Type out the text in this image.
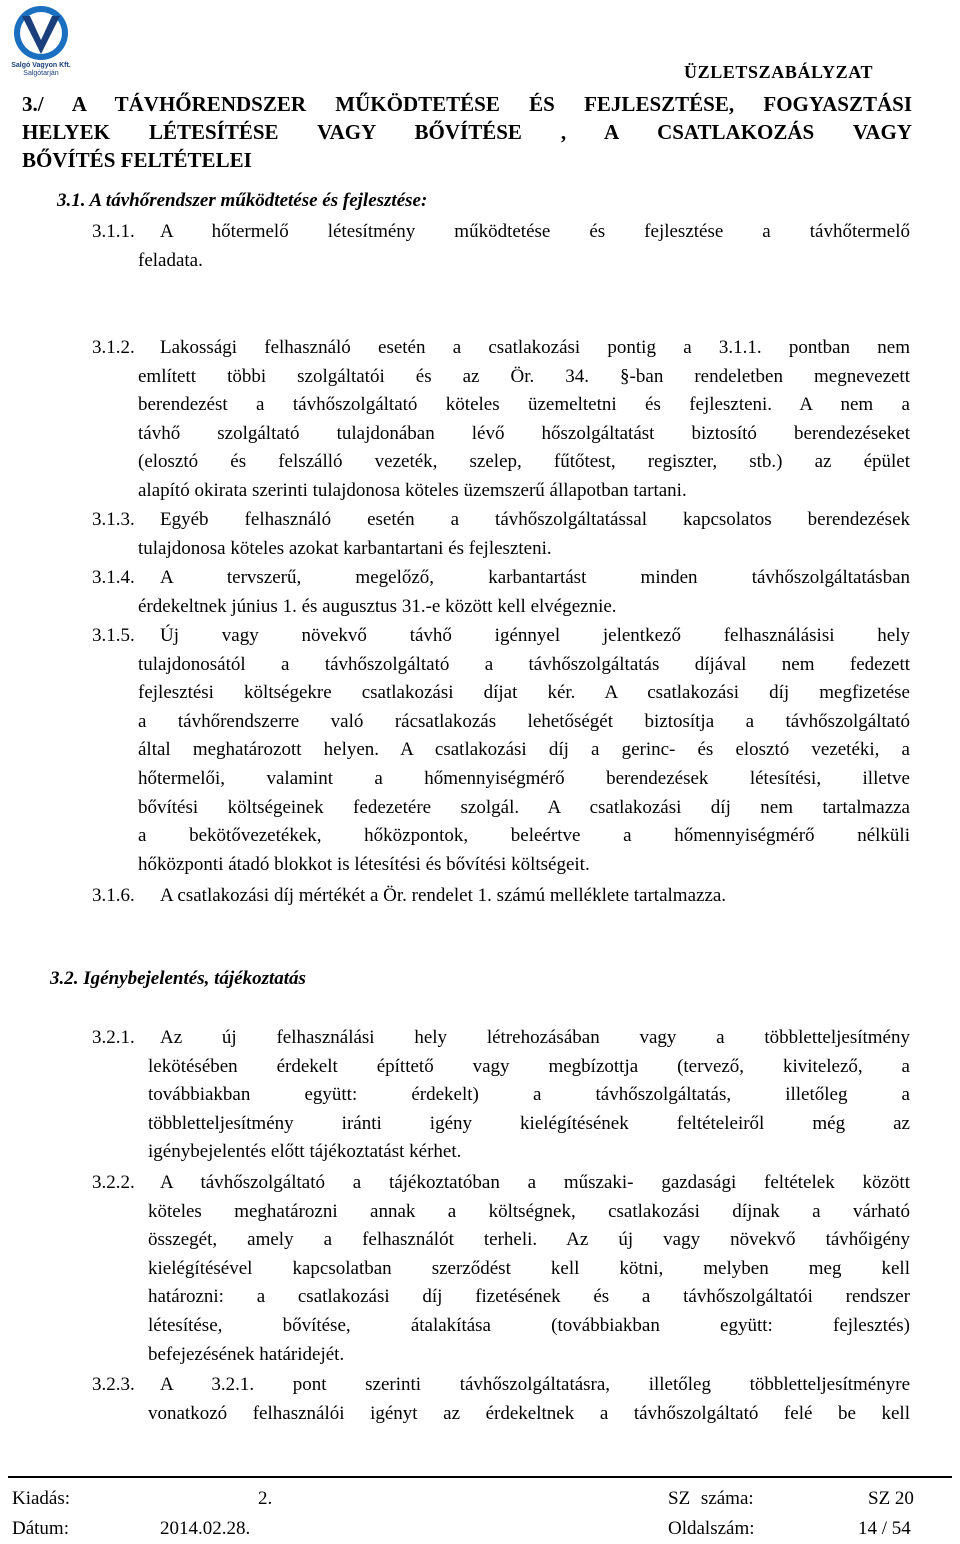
Salgó Vagyon Kft.
Salgótarján	ÜZLETSZABÁLYZAT
3./ A TÁVHŐRENDSZER MŰKÖDTETÉSE ÉS FEJLESZTÉSE, FOGYASZTÁSI
HELYEK LÉTESÍTÉSE VAGY BŐVÍTÉSE , A CSATLAKOZÁS VAGY
BŐVÍTÉS FELTÉTELEI
3.1. A távhőrendszer működtetése és fejlesztése:
3.1.1. A hőtermelő létesítmény működtetése és fejlesztése a távhőtermelő
feladata.
3.1.2. Lakossági felhasználó esetén a csatlakozási pontig a 3.1.1. pontban nem
említett többi szolgáltatói és az Ör. 34. §-ban rendeletben megnevezett
berendezést a távhőszolgáltató köteles üzemeltetni és fejleszteni. A nem a
távhő szolgáltató tulajdonában lévő hőszolgáltatást biztosító berendezéseket
(elosztó és felszálló vezeték, szelep, fűtőtest, regiszter, stb.) az épület
alapító okirata szerinti tulajdonosa köteles üzemszerű állapotban tartani.
3.1.3. Egyéb felhasználó esetén a távhőszolgáltatással kapcsolatos berendezések
tulajdonosa köteles azokat karbantartani és fejleszteni.
3.1.4. A tervszerű, megelőző, karbantartást minden távhőszolgáltatásban
érdekeltnek június 1. és augusztus 31.-e között kell elvégeznie.
3.1.5. Új vagy növekvő távhő igénnyel jelentkező felhasználásisi hely
tulajdonosától a távhőszolgáltató a távhőszolgáltatás díjával nem fedezett
fejlesztési költségekre csatlakozási díjat kér. A csatlakozási díj megfizetése
a távhőrendszerre való rácsatlakozás lehetőségét biztosítja a távhőszolgáltató
által meghatározott helyen. A csatlakozási díj a gerinc- és elosztó vezetéki, a
hőtermelői, valamint a hőmennyiségmérő berendezések létesítési, illetve
bővítési költségeinek fedezetére szolgál. A csatlakozási díj nem tartalmazza
a bekötővezetékek, hőközpontok, beleértve a hőmennyiségmérő nélküli
hőközponti átadó blokkot is létesítési és bővítési költségeit.
3.1.6. A csatlakozási díj mértékét a Ör. rendelet 1. számú melléklete tartalmazza.
3.2. Igénybejelentés, tájékoztatás
3.2.1. Az új felhasználási hely létrehozásában vagy a többletteljesítmény
lekötésében érdekelt építtető vagy megbízottja (tervező, kivitelező, a
továbbiakban együtt: érdekelt) a távhőszolgáltatás, illetőleg a
többletteljesítmény iránti igény kielégítésének feltételeiről még az
igénybejelentés előtt tájékoztatást kérhet.
3.2.2. A távhőszolgáltató a tájékoztatóban a műszaki- gazdasági feltételek között
köteles meghatározni annak a költségnek, csatlakozási díjnak a várható
összegét, amely a felhasználót terheli. Az új vagy növekvő távhőigény
kielégítésével kapcsolatban szerződést kell kötni, melyben meg kell
határozni: a csatlakozási díj fizetésének és a távhőszolgáltatói rendszer
létesítése, bővítése, átalakítása (továbbiakban együtt: fejlesztés)
befejezésének határidejét.
3.2.3. A 3.2.1. pont szerinti távhőszolgáltatásra, illetőleg többletteljesítményre
vonatkozó felhasználói igényt az érdekeltnek a távhőszolgáltató felé be kell
Kiadás:	2.	SZ száma:	SZ 20
Dátum:	2014.02.28.	Oldalszám:	14 / 54
